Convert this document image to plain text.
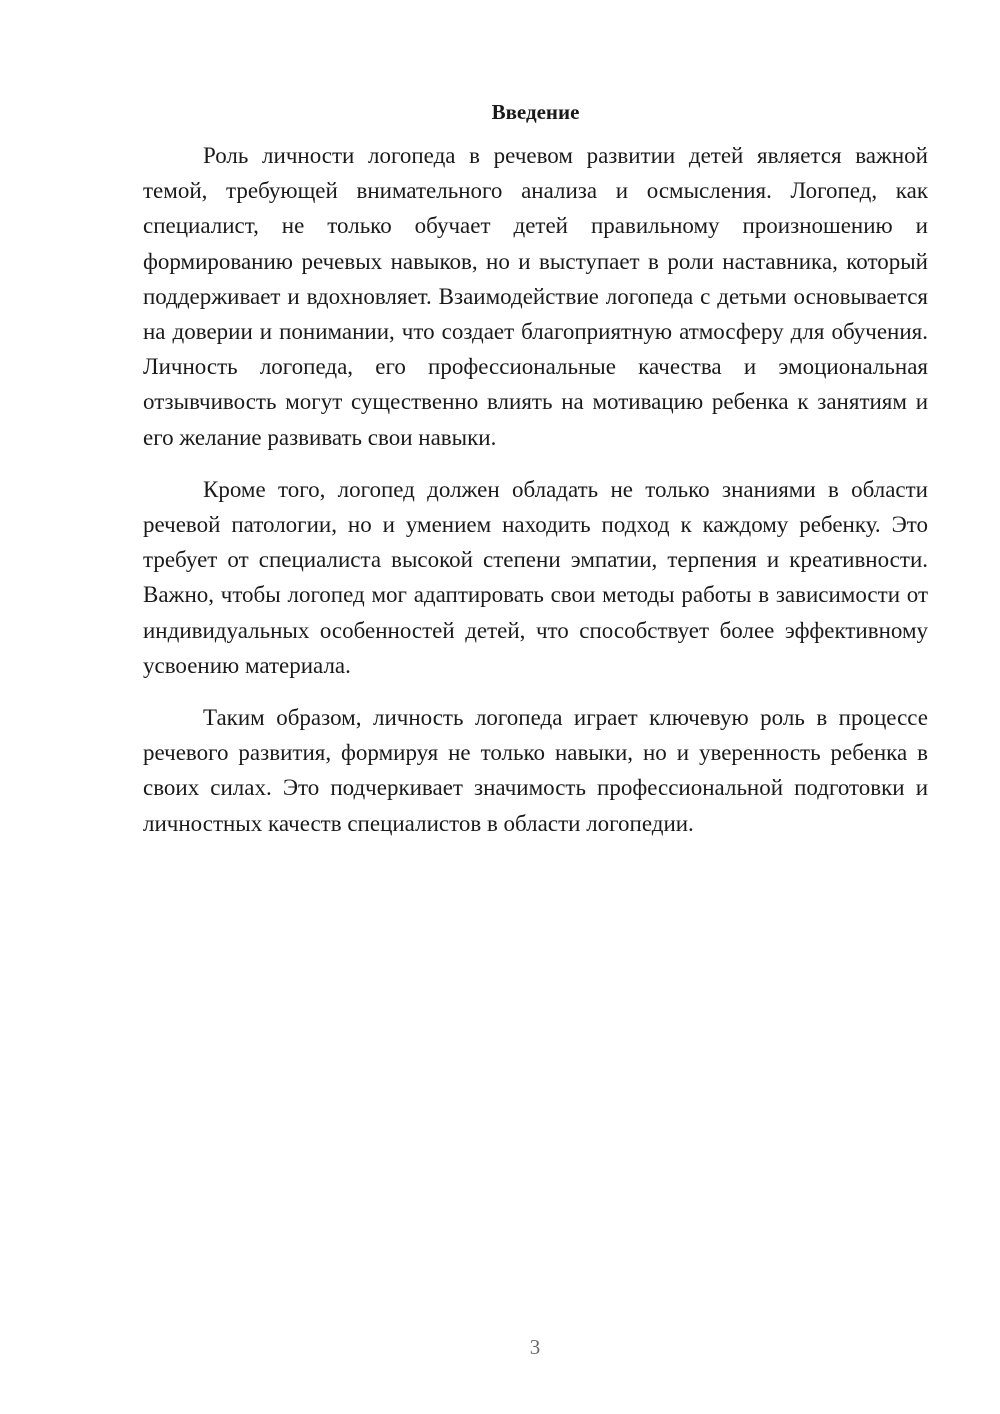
Введение

Роль личности логопеда в речевом развитии детей является важной темой, требующей внимательного анализа и осмысления. Логопед, как специалист, не только обучает детей правильному произношению и формированию речевых навыков, но и выступает в роли наставника, который поддерживает и вдохновляет. Взаимодействие логопеда с детьми основывается на доверии и понимании, что создает благоприятную атмосферу для обучения. Личность логопеда, его профессиональные качества и эмоциональная отзывчивость могут существенно влиять на мотивацию ребенка к занятиям и его желание развивать свои навыки.

Кроме того, логопед должен обладать не только знаниями в области речевой патологии, но и умением находить подход к каждому ребенку. Это требует от специалиста высокой степени эмпатии, терпения и креативности. Важно, чтобы логопед мог адаптировать свои методы работы в зависимости от индивидуальных особенностей детей, что способствует более эффективному усвоению материала.

Таким образом, личность логопеда играет ключевую роль в процессе речевого развития, формируя не только навыки, но и уверенность ребенка в своих силах. Это подчеркивает значимость профессиональной подготовки и личностных качеств специалистов в области логопедии.

3
